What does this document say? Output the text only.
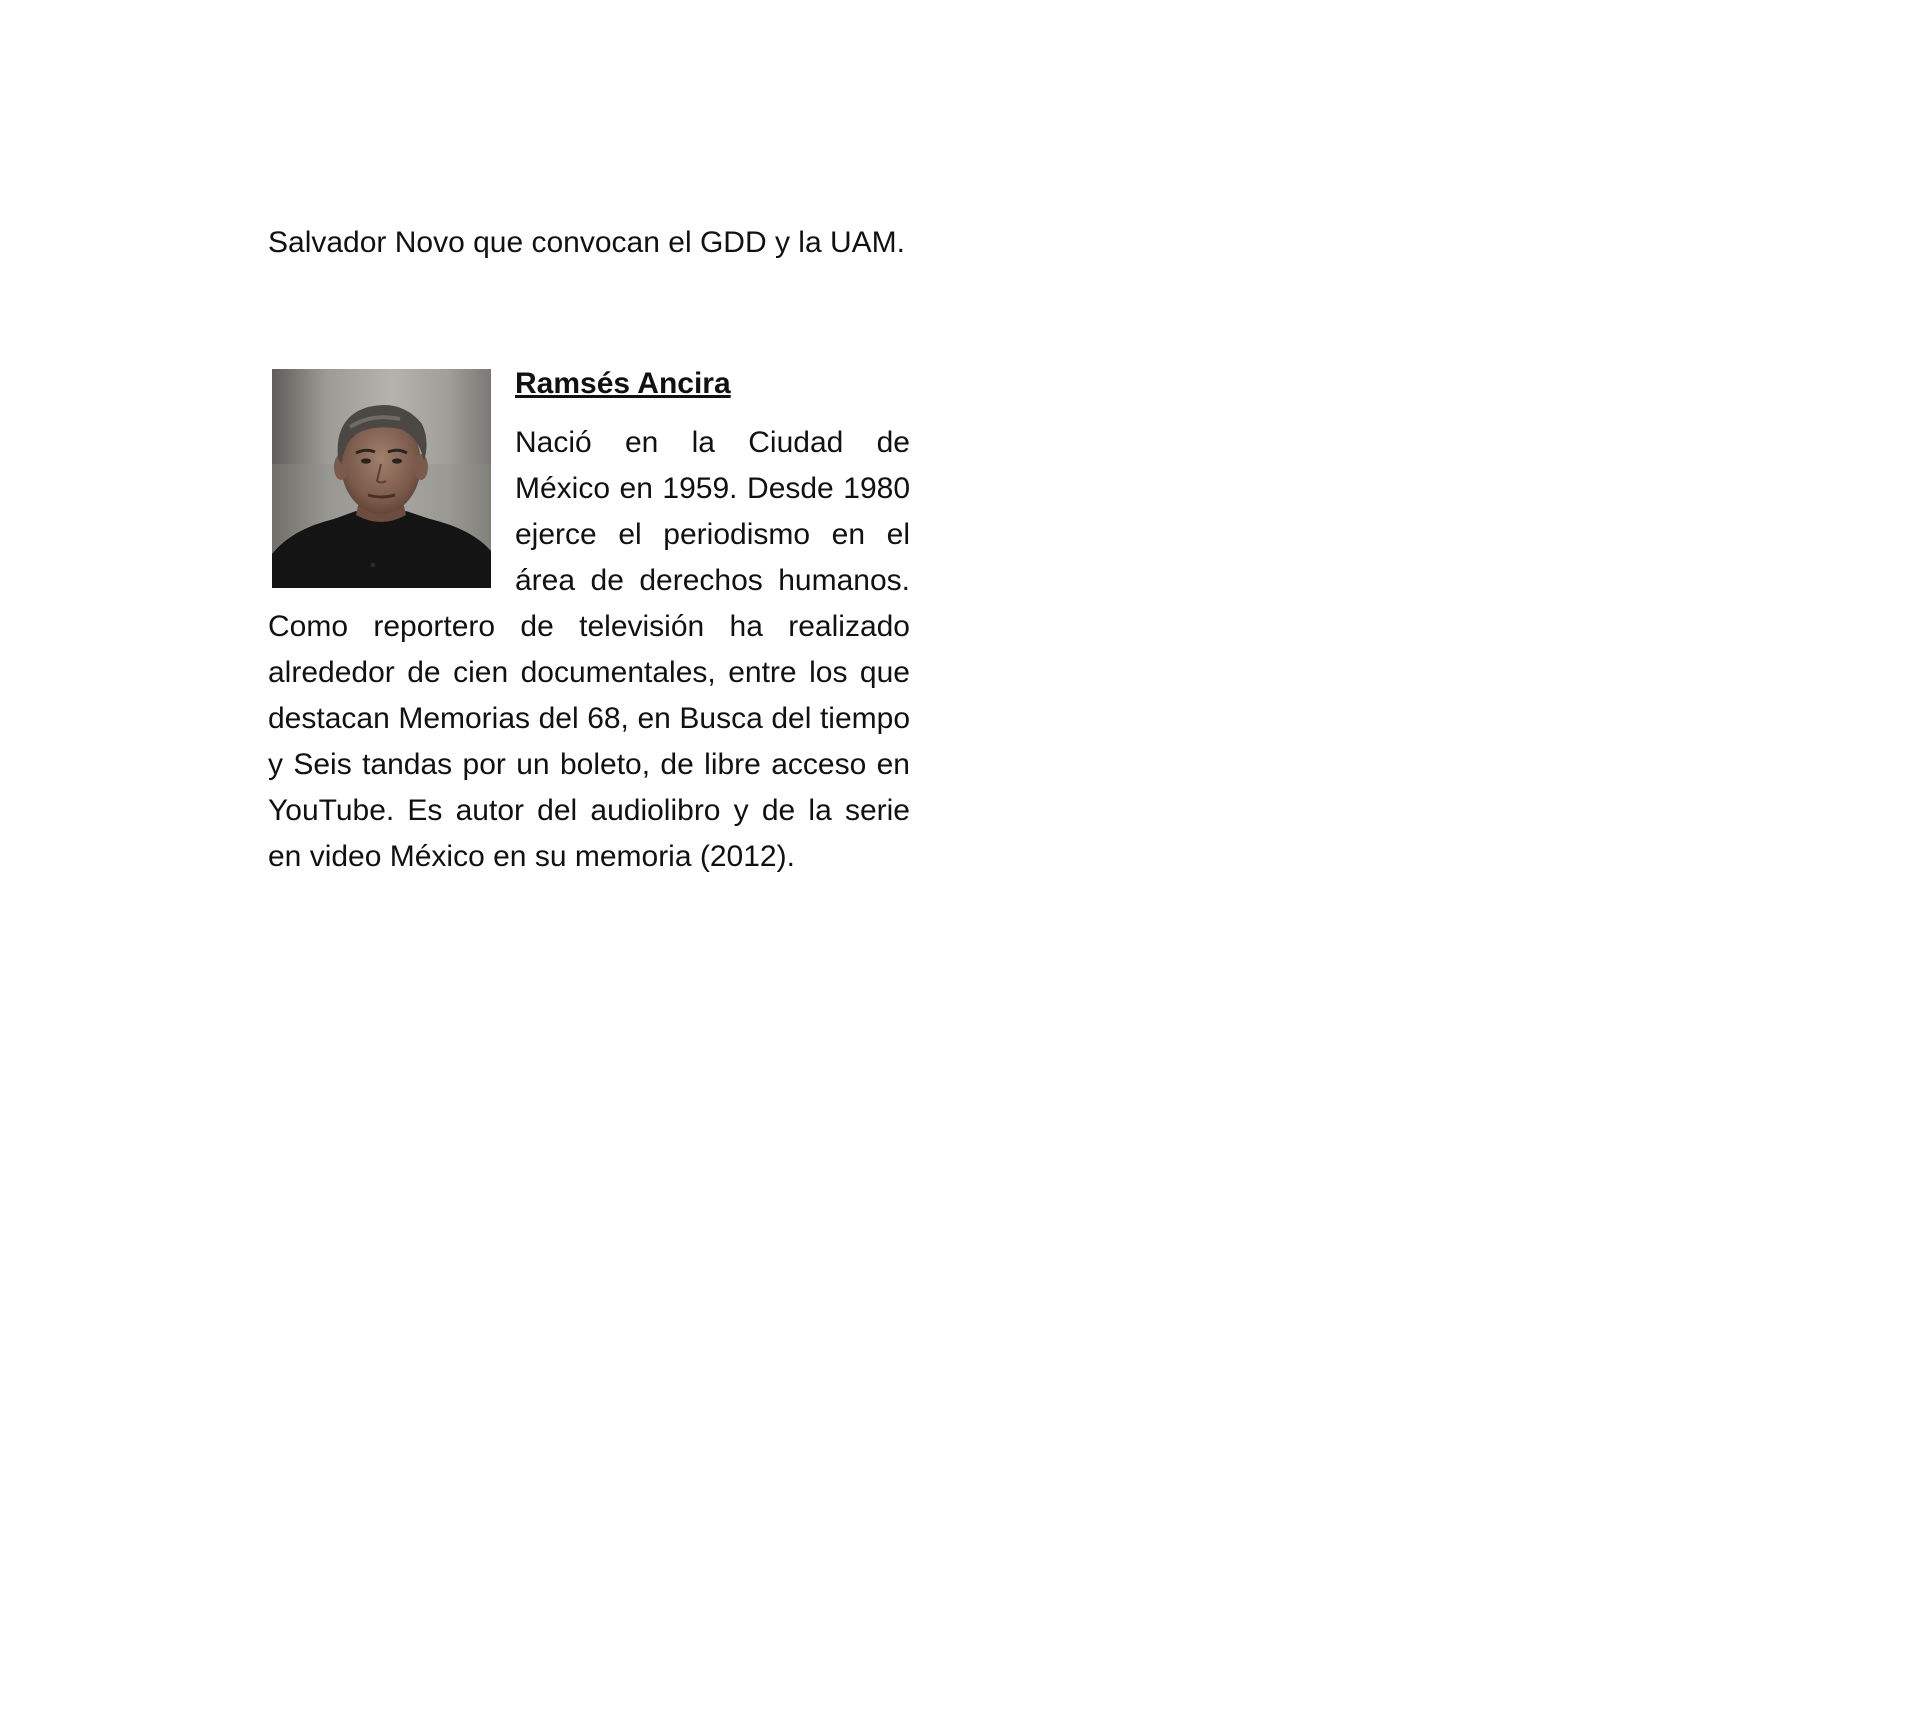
Salvador Novo que convocan el GDD y la UAM.

Ramsés Ancira

Nació en la Ciudad de México en 1959. Desde 1980 ejerce el periodismo en el área de derechos humanos. Como reportero de televisión ha realizado alrededor de cien documentales, entre los que destacan Memorias del 68, en Busca del tiempo y Seis tandas por un boleto, de libre acceso en YouTube. Es autor del audiolibro y de la serie en video México en su memoria (2012).
